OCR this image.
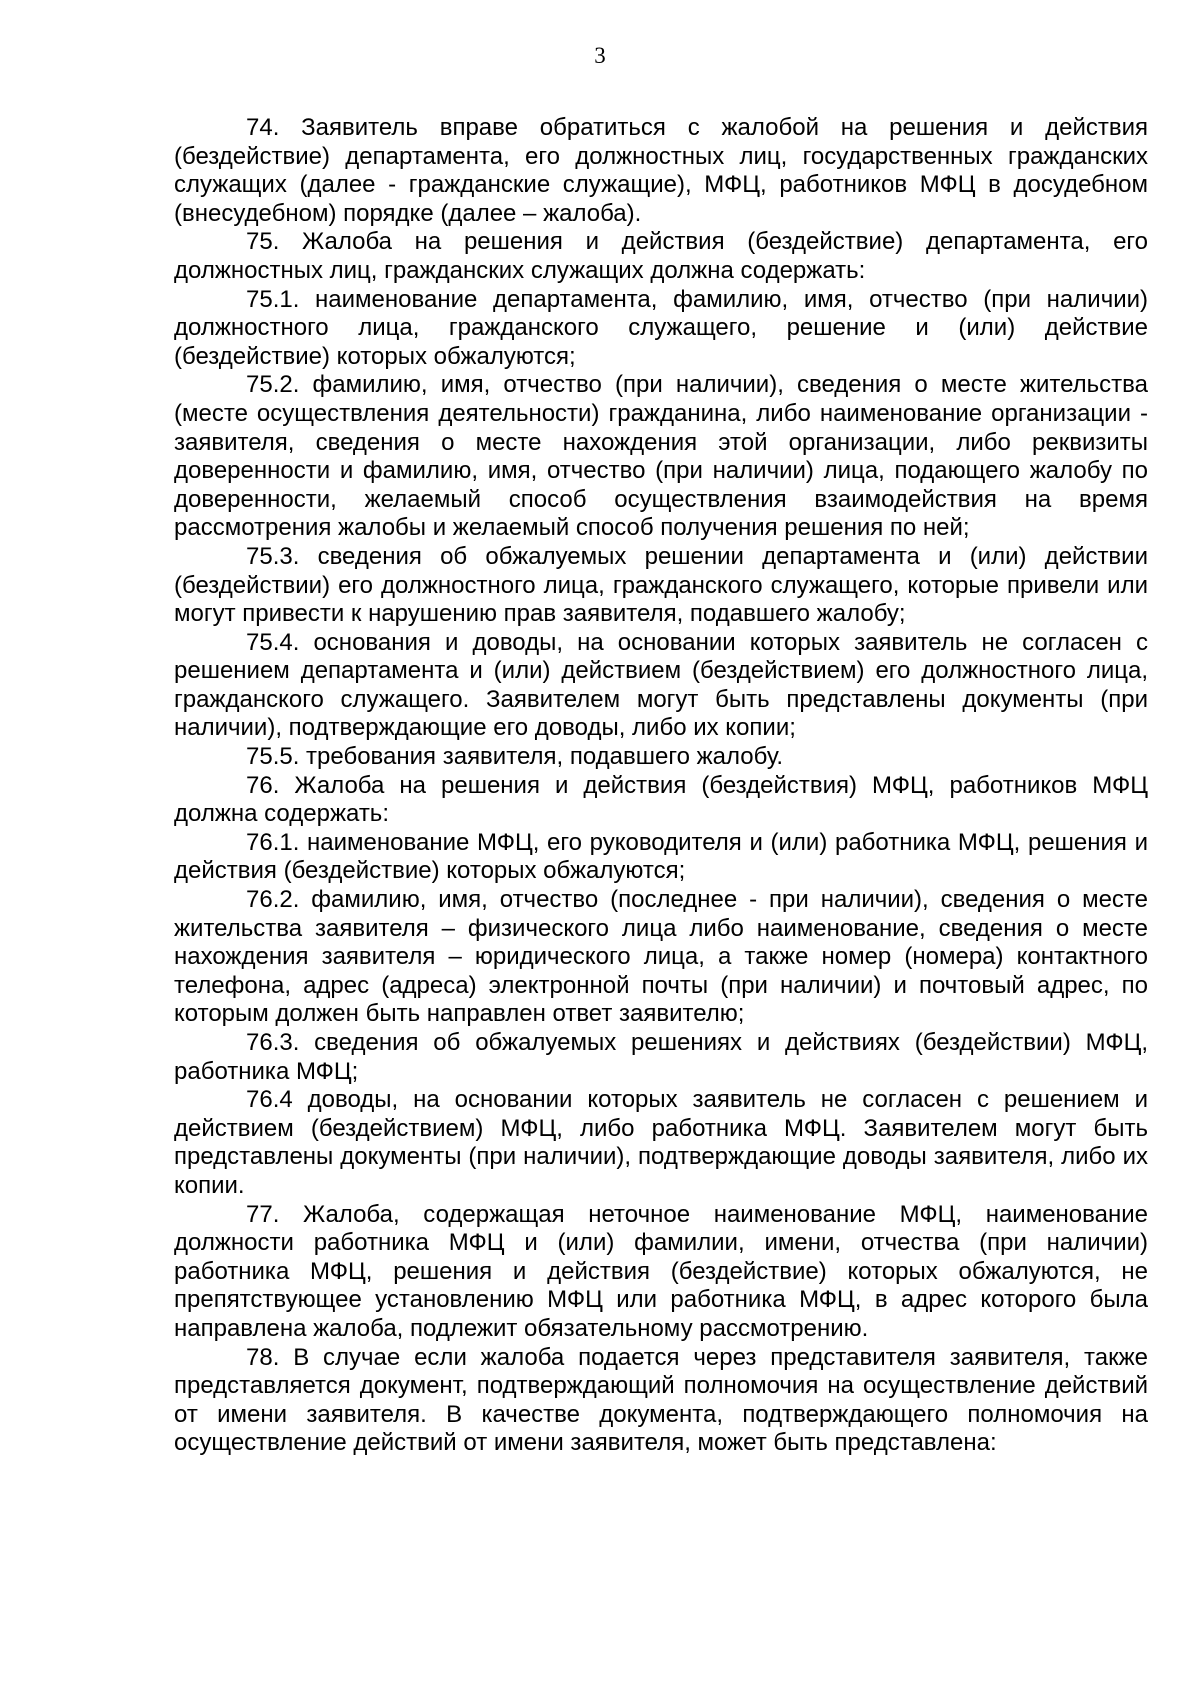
3

74. Заявитель вправе обратиться с жалобой на решения и действия (бездействие) департамента, его должностных лиц, государственных гражданских служащих (далее - гражданские служащие), МФЦ, работников МФЦ в досудебном (внесудебном) порядке (далее – жалоба).

75. Жалоба на решения и действия (бездействие) департамента, его должностных лиц, гражданских служащих должна содержать:

75.1. наименование департамента, фамилию, имя, отчество (при наличии) должностного лица, гражданского служащего, решение и (или) действие (бездействие) которых обжалуются;

75.2. фамилию, имя, отчество (при наличии), сведения о месте жительства (месте осуществления деятельности) гражданина, либо наименование организации - заявителя, сведения о месте нахождения этой организации, либо реквизиты доверенности и фамилию, имя, отчество (при наличии) лица, подающего жалобу по доверенности, желаемый способ осуществления взаимодействия на время рассмотрения жалобы и желаемый способ получения решения по ней;

75.3. сведения об обжалуемых решении департамента и (или) действии (бездействии) его должностного лица, гражданского служащего, которые привели или могут привести к нарушению прав заявителя, подавшего жалобу;

75.4. основания и доводы, на основании которых заявитель не согласен с решением департамента и (или) действием (бездействием) его должностного лица, гражданского служащего. Заявителем могут быть представлены документы (при наличии), подтверждающие его доводы, либо их копии;

75.5. требования заявителя, подавшего жалобу.

76. Жалоба на решения и действия (бездействия) МФЦ, работников МФЦ должна содержать:

76.1. наименование МФЦ, его руководителя и (или) работника МФЦ, решения и действия (бездействие) которых обжалуются;

76.2. фамилию, имя, отчество (последнее - при наличии), сведения о месте жительства заявителя – физического лица либо наименование, сведения о месте нахождения заявителя – юридического лица, а также номер (номера) контактного телефона, адрес (адреса) электронной почты (при наличии) и почтовый адрес, по которым должен быть направлен ответ заявителю;

76.3. сведения об обжалуемых решениях и действиях (бездействии) МФЦ, работника МФЦ;

76.4 доводы, на основании которых заявитель не согласен с решением и действием (бездействием) МФЦ, либо работника МФЦ. Заявителем могут быть представлены документы (при наличии), подтверждающие доводы заявителя, либо их копии.

77. Жалоба, содержащая неточное наименование МФЦ, наименование должности работника МФЦ и (или) фамилии, имени, отчества (при наличии) работника МФЦ, решения и действия (бездействие) которых обжалуются, не препятствующее установлению МФЦ или работника МФЦ, в адрес которого была направлена жалоба, подлежит обязательному рассмотрению.

78. В случае если жалоба подается через представителя заявителя, также представляется документ, подтверждающий полномочия на осуществление действий от имени заявителя. В качестве документа, подтверждающего полномочия на осуществление действий от имени заявителя, может быть представлена:
